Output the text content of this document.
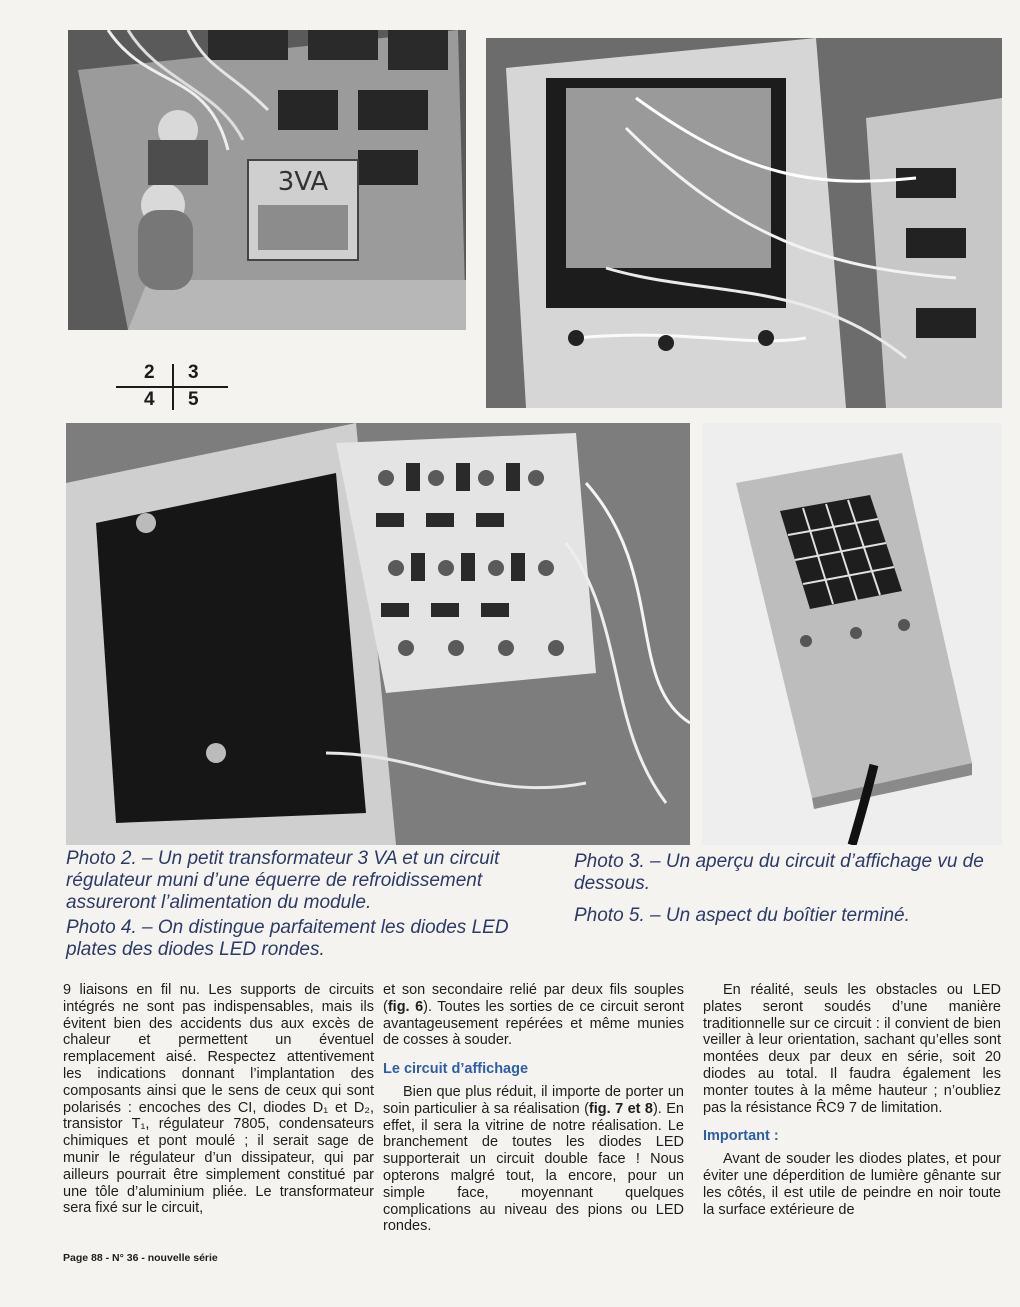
3VA
2 3
4 5

Photo 2. – Un petit transformateur 3 VA et un circuit régulateur muni d’une équerre de refroidissement assureront l’alimentation du module.

Photo 4. – On distingue parfaitement les diodes LED plates des diodes LED rondes.

Photo 3. – Un aperçu du circuit d’affichage vu de dessous.

Photo 5. – Un aspect du boîtier terminé.

9 liaisons en fil nu. Les supports de circuits intégrés ne sont pas indispensables, mais ils évitent bien des accidents dus aux excès de chaleur et permettent un éventuel remplacement aisé. Respectez attentivement les indications donnant l’implantation des composants ainsi que le sens de ceux qui sont polarisés : encoches des CI, diodes D₁ et D₂, transistor T₁, régulateur 7805, condensateurs chimiques et pont moulé ; il serait sage de munir le régulateur d’un dissipateur, qui par ailleurs pourrait être simplement constitué par une tôle d’aluminium pliée. Le transformateur sera fixé sur le circuit,

et son secondaire relié par deux fils souples (fig. 6). Toutes les sorties de ce circuit seront avantageusement repérées et même munies de cosses à souder.

Le circuit d’affichage

Bien que plus réduit, il importe de porter un soin particulier à sa réalisation (fig. 7 et 8). En effet, il sera la vitrine de notre réalisation. Le branchement de toutes les diodes LED supporterait un circuit double face ! Nous opterons malgré tout, la encore, pour un simple face, moyennant quelques complications au niveau des pions ou LED rondes.

En réalité, seuls les obstacles ou LED plates seront soudés d’une manière traditionnelle sur ce circuit : il convient de bien veiller à leur orientation, sachant qu’elles sont montées deux par deux en série, soit 20 diodes au total. Il faudra également les monter toutes à la même hauteur ; n’oubliez pas la résistance R̂C9 7 de limitation.

Important :

Avant de souder les diodes plates, et pour éviter une déperdition de lumière gênante sur les côtés, il est utile de peindre en noir toute la surface extérieure de

Page 88 - N° 36 - nouvelle série
